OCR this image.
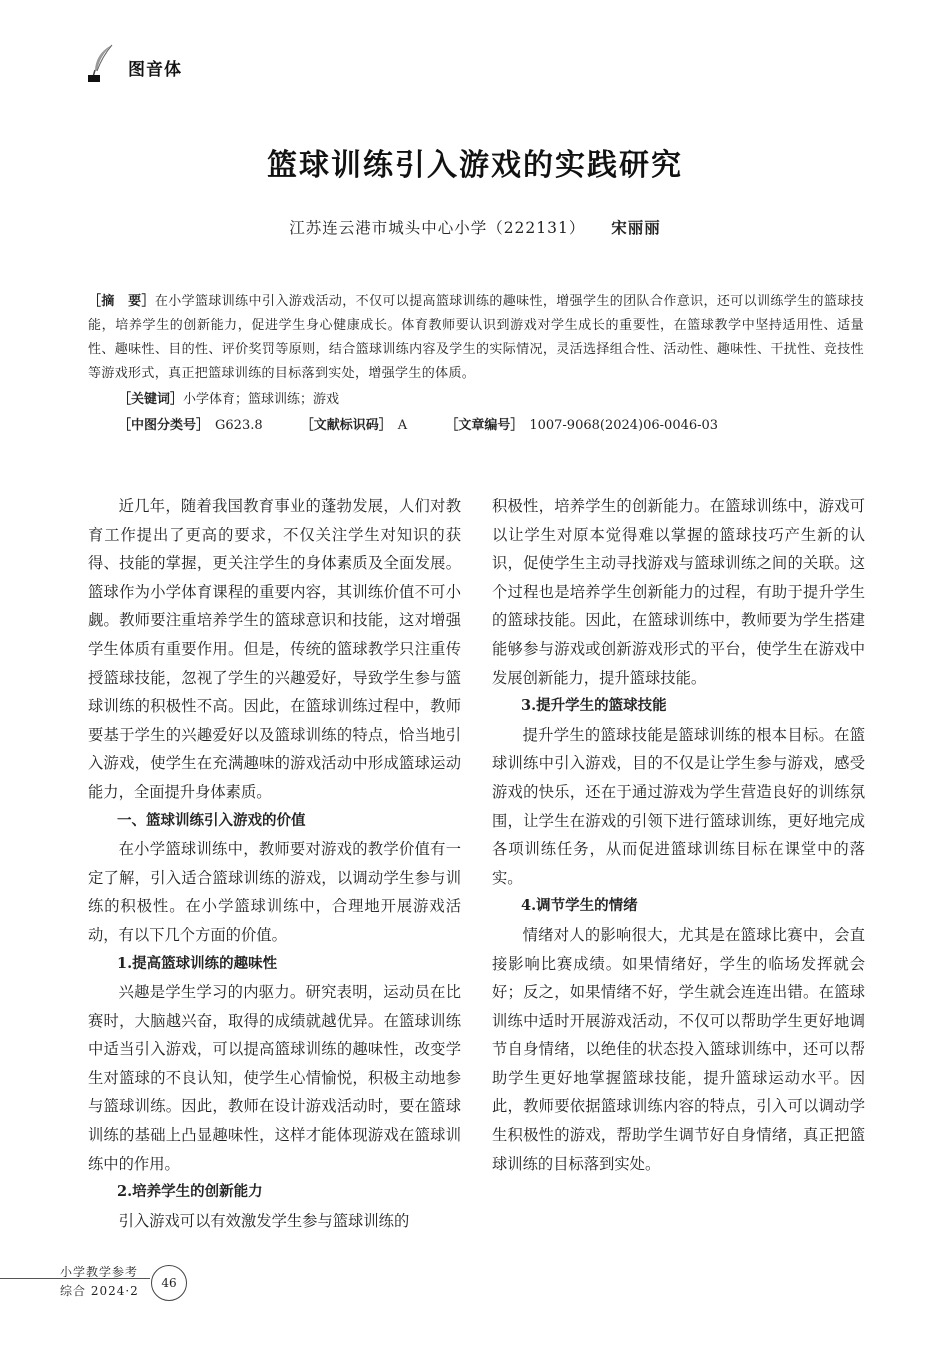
图音体
篮球训练引入游戏的实践研究
江苏连云港市城头中心小学（222131） 宋丽丽
［摘　要］在小学篮球训练中引入游戏活动，不仅可以提高篮球训练的趣味性，增强学生的团队合作意识，还可以训练学生的篮球技能，培养学生的创新能力，促进学生身心健康成长。体育教师要认识到游戏对学生成长的重要性，在篮球教学中坚持适用性、适量性、趣味性、目的性、评价奖罚等原则，结合篮球训练内容及学生的实际情况，灵活选择组合性、活动性、趣味性、干扰性、竞技性等游戏形式，真正把篮球训练的目标落到实处，增强学生的体质。
［关键词］小学体育；篮球训练；游戏
［中图分类号］ G623.8	［文献标识码］ A	［文章编号］ 1007-9068(2024)06-0046-03

近几年，随着我国教育事业的蓬勃发展，人们对教育工作提出了更高的要求，不仅关注学生对知识的获得、技能的掌握，更关注学生的身体素质及全面发展。篮球作为小学体育课程的重要内容，其训练价值不可小觑。教师要注重培养学生的篮球意识和技能，这对增强学生体质有重要作用。但是，传统的篮球教学只注重传授篮球技能，忽视了学生的兴趣爱好，导致学生参与篮球训练的积极性不高。因此，在篮球训练过程中，教师要基于学生的兴趣爱好以及篮球训练的特点，恰当地引入游戏，使学生在充满趣味的游戏活动中形成篮球运动能力，全面提升身体素质。

一、篮球训练引入游戏的价值

在小学篮球训练中，教师要对游戏的教学价值有一定了解，引入适合篮球训练的游戏，以调动学生参与训练的积极性。在小学篮球训练中，合理地开展游戏活动，有以下几个方面的价值。

1.提高篮球训练的趣味性

兴趣是学生学习的内驱力。研究表明，运动员在比赛时，大脑越兴奋，取得的成绩就越优异。在篮球训练中适当引入游戏，可以提高篮球训练的趣味性，改变学生对篮球的不良认知，使学生心情愉悦，积极主动地参与篮球训练。因此，教师在设计游戏活动时，要在篮球训练的基础上凸显趣味性，这样才能体现游戏在篮球训练中的作用。

2.培养学生的创新能力

引入游戏可以有效激发学生参与篮球训练的

积极性，培养学生的创新能力。在篮球训练中，游戏可以让学生对原本觉得难以掌握的篮球技巧产生新的认识，促使学生主动寻找游戏与篮球训练之间的关联。这个过程也是培养学生创新能力的过程，有助于提升学生的篮球技能。因此，在篮球训练中，教师要为学生搭建能够参与游戏或创新游戏形式的平台，使学生在游戏中发展创新能力，提升篮球技能。

3.提升学生的篮球技能

提升学生的篮球技能是篮球训练的根本目标。在篮球训练中引入游戏，目的不仅是让学生参与游戏，感受游戏的快乐，还在于通过游戏为学生营造良好的训练氛围，让学生在游戏的引领下进行篮球训练，更好地完成各项训练任务，从而促进篮球训练目标在课堂中的落实。

4.调节学生的情绪

情绪对人的影响很大，尤其是在篮球比赛中，会直接影响比赛成绩。如果情绪好，学生的临场发挥就会好；反之，如果情绪不好，学生就会连连出错。在篮球训练中适时开展游戏活动，不仅可以帮助学生更好地调节自身情绪，以绝佳的状态投入篮球训练中，还可以帮助学生更好地掌握篮球技能，提升篮球运动水平。因此，教师要依据篮球训练内容的特点，引入可以调动学生积极性的游戏，帮助学生调节好自身情绪，真正把篮球训练的目标落到实处。

小学教学参考
综合 2024·2
46
